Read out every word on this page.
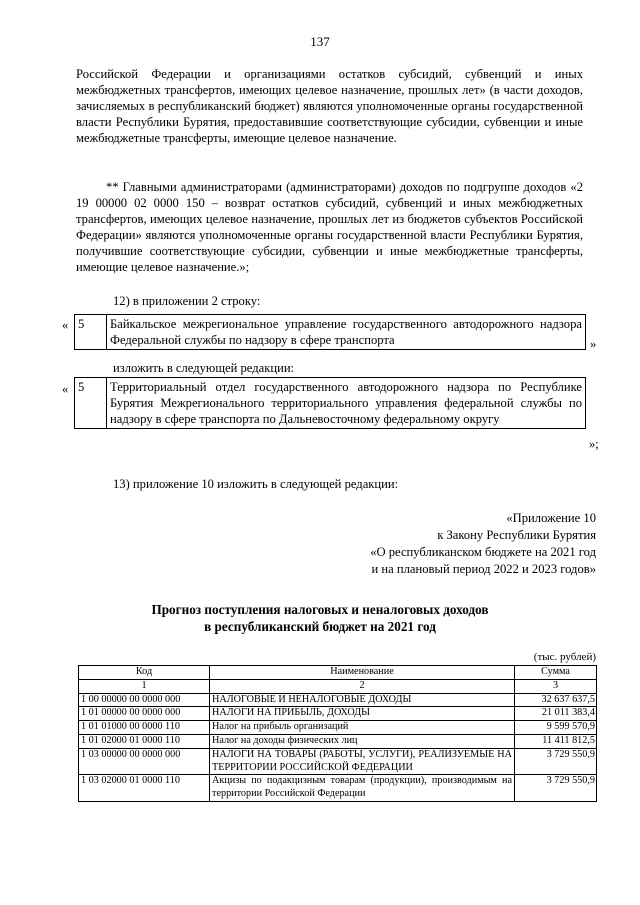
137

Российской Федерации и организациями остатков субсидий, субвенций и иных межбюджетных трансфертов, имеющих целевое назначение, прошлых лет» (в части доходов, зачисляемых в республиканский бюджет) являются уполномоченные органы государственной власти Республики Бурятия, предоставившие соответствующие субсидии, субвенции и иные межбюджетные трансферты, имеющие целевое назначение.

** Главными администраторами (администраторами) доходов по подгруппе доходов «2 19 00000 02 0000 150 – возврат остатков субсидий, субвенций и иных межбюджетных трансфертов, имеющих целевое назначение, прошлых лет из бюджетов субъектов Российской Федерации» являются уполномоченные органы государственной власти Республики Бурятия, получившие соответствующие субсидии, субвенции и иные межбюджетные трансферты, имеющие целевое назначение.»;

12) в приложении 2 строку:
« 5	Байкальское межрегиональное управление государственного автодорожного надзора Федеральной службы по надзору в сфере транспорта	»
изложить в следующей редакции:
« 5	Территориальный отдел государственного автодорожного надзора по Республике Бурятия Межрегионального территориального управления федеральной службы по надзору в сфере транспорта по Дальневосточному федеральному округу
»;
13) приложение 10 изложить в следующей редакции:
«Приложение 10
к Закону Республики Бурятия
«О республиканском бюджете на 2021 год
и на плановый период 2022 и 2023 годов»
Прогноз поступления налоговых и неналоговых доходов
в республиканский бюджет на 2021 год
(тыс. рублей)
Код	Наименование	Сумма
1	2	3
1 00 00000 00 0000 000	НАЛОГОВЫЕ И НЕНАЛОГОВЫЕ ДОХОДЫ	32 637 637,5
1 01 00000 00 0000 000	НАЛОГИ НА ПРИБЫЛЬ, ДОХОДЫ	21 011 383,4
1 01 01000 00 0000 110	Налог на прибыль организаций	9 599 570,9
1 01 02000 01 0000 110	Налог на доходы физических лиц	11 411 812,5
1 03 00000 00 0000 000	НАЛОГИ НА ТОВАРЫ (РАБОТЫ, УСЛУГИ), РЕАЛИЗУЕМЫЕ НА ТЕРРИТОРИИ РОССИЙСКОЙ ФЕДЕРАЦИИ	3 729 550,9
1 03 02000 01 0000 110	Акцизы по подакцизным товарам (продукции), производимым на территории Российской Федерации	3 729 550,9
